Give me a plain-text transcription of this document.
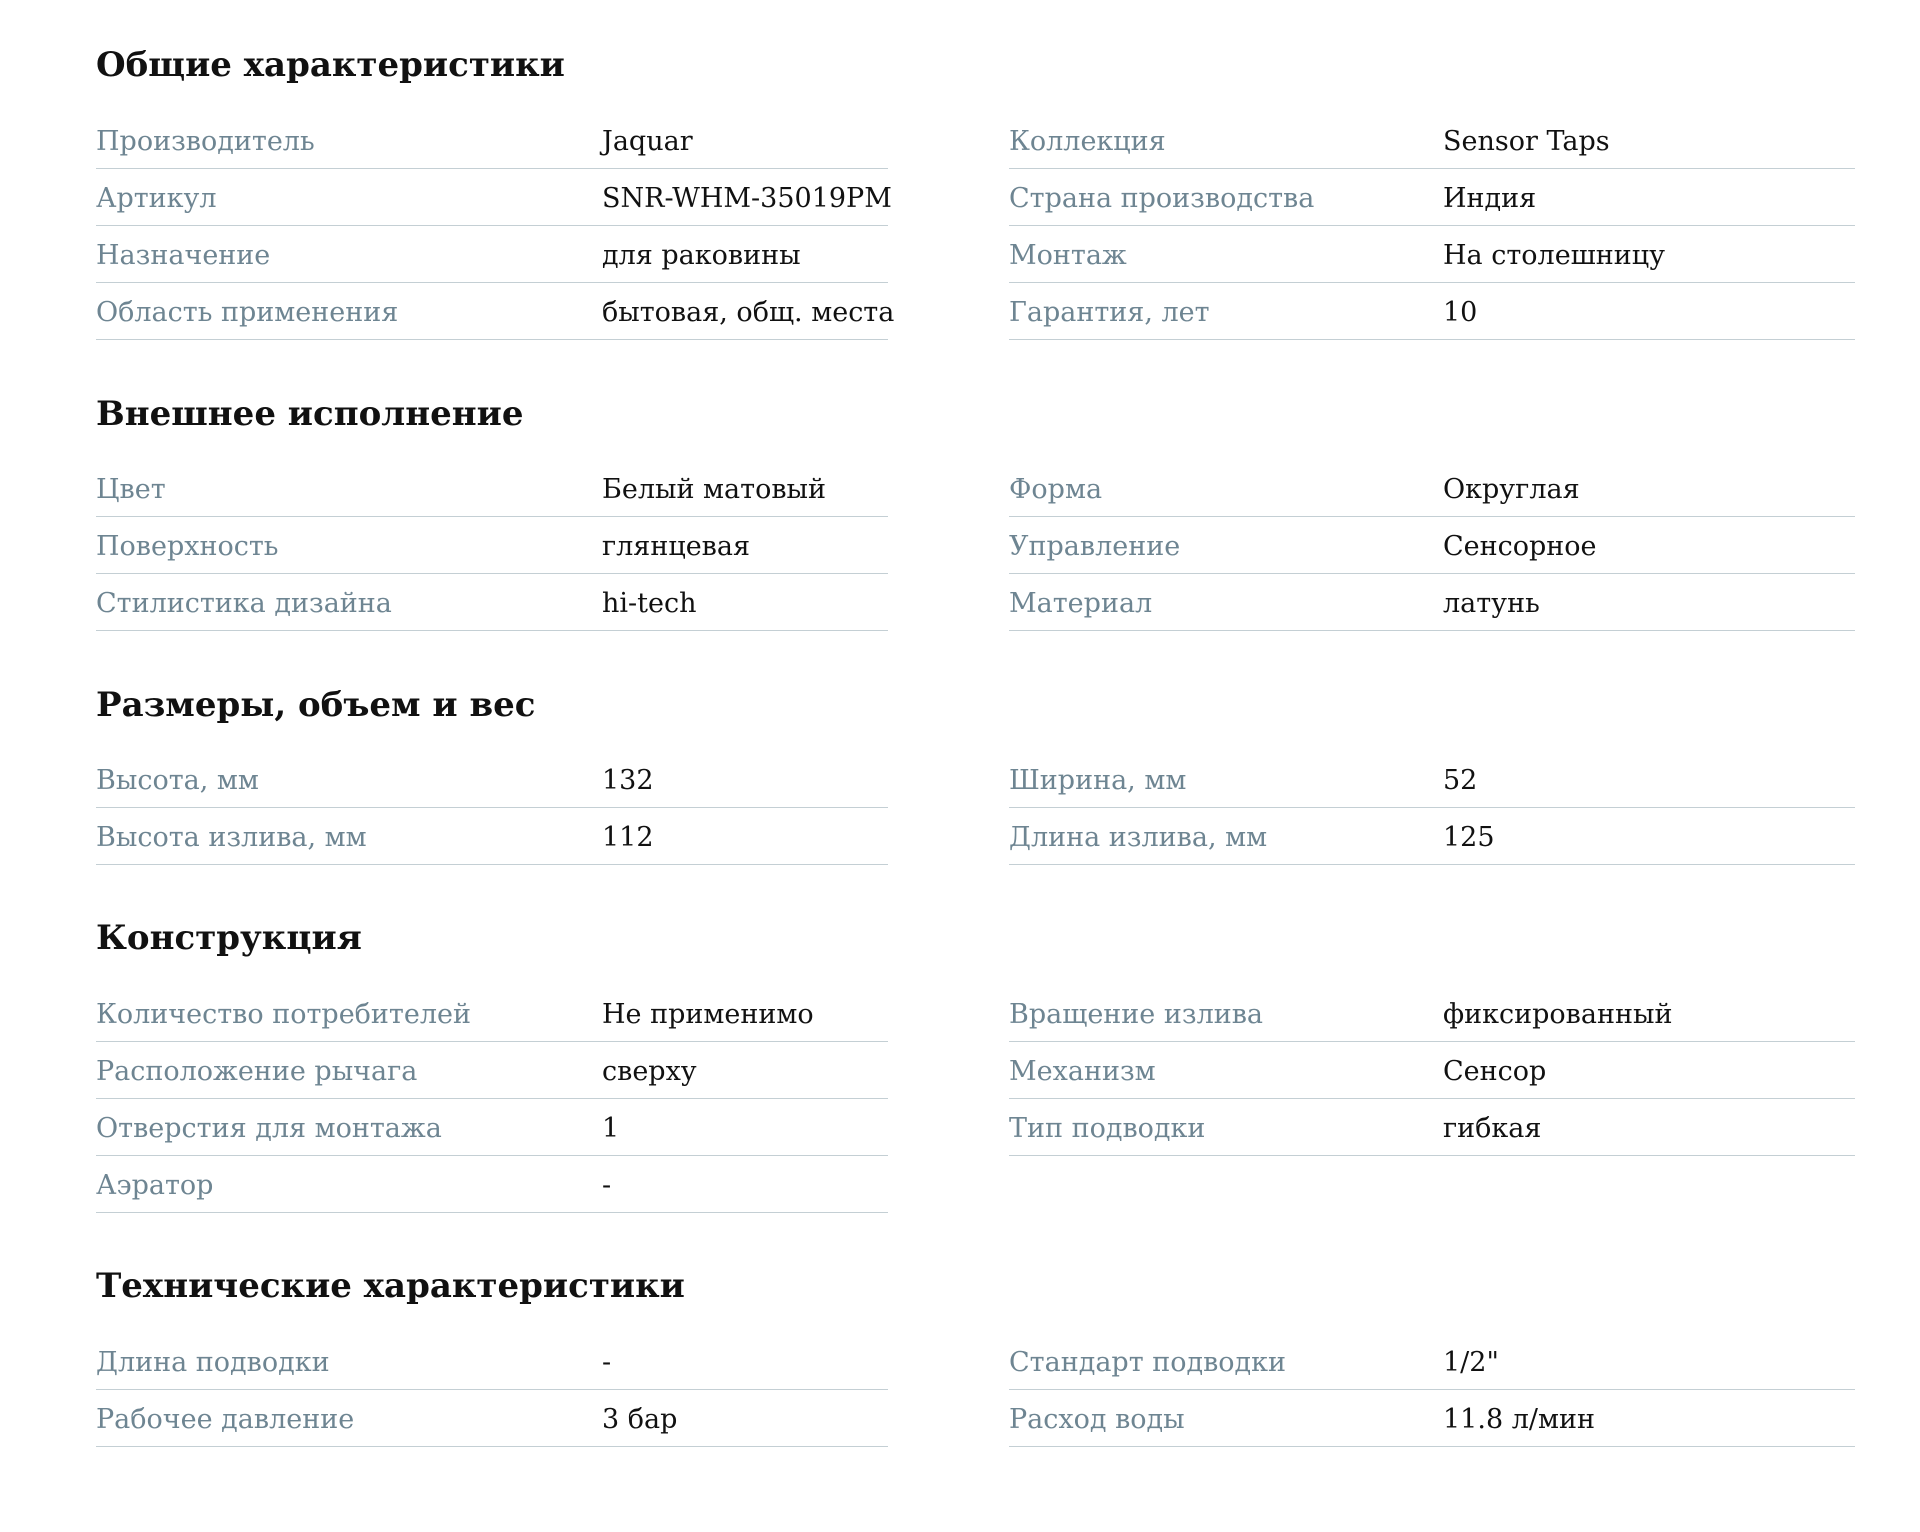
Общие характеристики
Производитель	Jaquar
Артикул	SNR-WHM-35019PM
Назначение	для раковины
Область применения	бытовая, общ. места
Коллекция	Sensor Taps
Страна производства	Индия
Монтаж	На столешницу
Гарантия, лет	10
Внешнее исполнение
Цвет	Белый матовый
Поверхность	глянцевая
Стилистика дизайна	hi-tech
Форма	Округлая
Управление	Сенсорное
Материал	латунь
Размеры, объем и вес
Высота, мм	132
Высота излива, мм	112
Ширина, мм	52
Длина излива, мм	125
Конструкция
Количество потребителей	Не применимо
Расположение рычага	сверху
Отверстия для монтажа	1
Аэратор	-
Вращение излива	фиксированный
Механизм	Сенсор
Тип подводки	гибкая
Технические характеристики
Длина подводки	-
Рабочее давление	3 бар
Стандарт подводки	1/2"
Расход воды	11.8 л/мин
